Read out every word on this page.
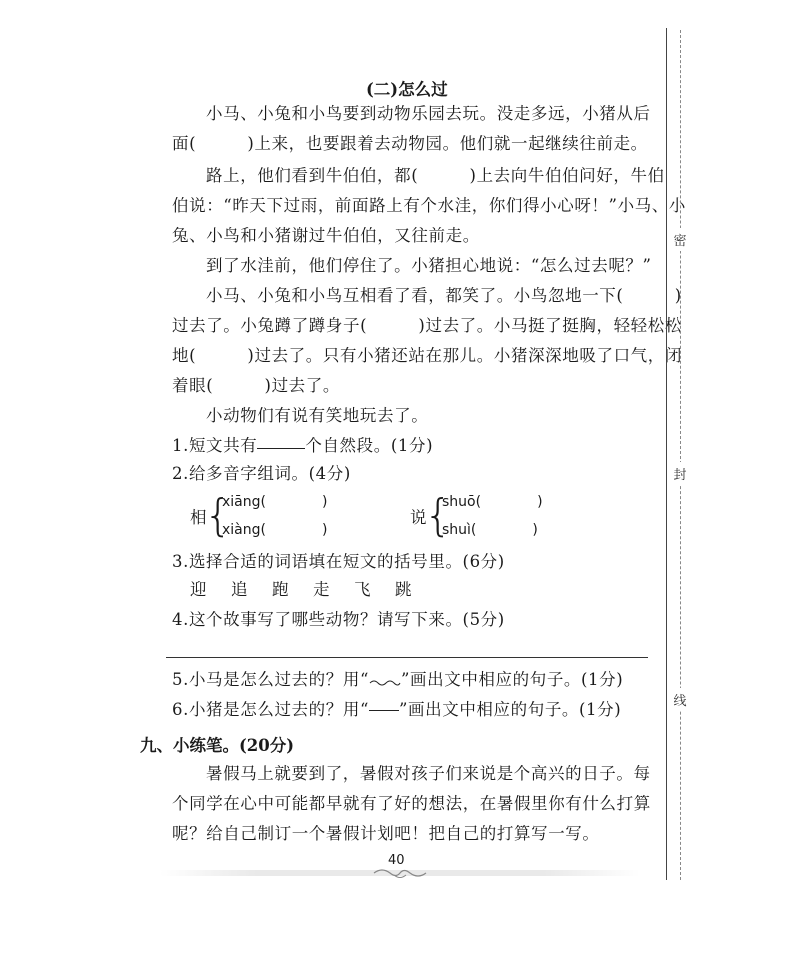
(二)怎么过
小马、小兔和小鸟要到动物乐园去玩。没走多远，小猪从后
面(　　　)上来，也要跟着去动物园。他们就一起继续往前走。
路上，他们看到牛伯伯，都(　　　)上去向牛伯伯问好，牛伯
伯说：“昨天下过雨，前面路上有个水洼，你们得小心呀！”小马、小
兔、小鸟和小猪谢过牛伯伯，又往前走。
到了水洼前，他们停住了。小猪担心地说：“怎么过去呢？”
小马、小兔和小鸟互相看了看，都笑了。小鸟忽地一下(　　　)
过去了。小兔蹲了蹲身子(　　　)过去了。小马挺了挺胸，轻轻松松
地(　　　)过去了。只有小猪还站在那儿。小猪深深地吸了口气，闭
着眼(　　　)过去了。
小动物们有说有笑地玩去了。
1.短文共有	个自然段。(1分)
2.给多音字组词。(4分)
相
{
xiāng(　　　　)
xiàng(　　　　)
说
{
shuō(　　　　)
shuì(　　　　)
3.选择合适的词语填在短文的括号里。(6分)
迎　追　跑　走　飞　跳
4.这个故事写了哪些动物？请写下来。(5分)
5.小马是怎么过去的？用“ ”画出文中相应的句子。(1分)
6.小猪是怎么过去的？用“ ”画出文中相应的句子。(1分)
九、小练笔。(20分)
暑假马上就要到了，暑假对孩子们来说是个高兴的日子。每
个同学在心中可能都早就有了好的想法，在暑假里你有什么打算
呢？给自己制订一个暑假计划吧！把自己的打算写一写。
密
封
线
40
